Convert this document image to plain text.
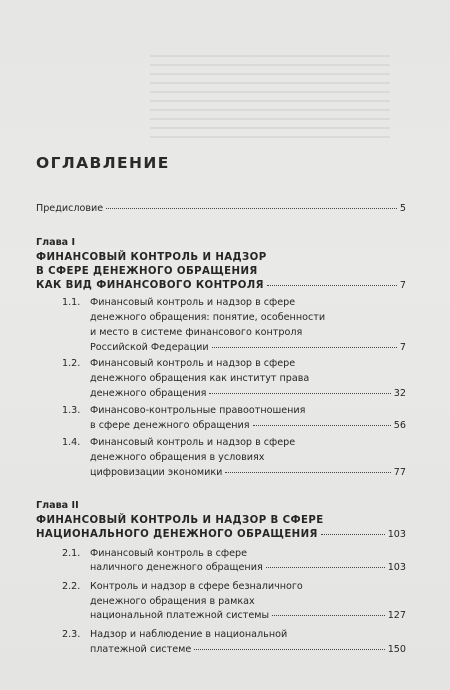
ОГЛАВЛЕНИЕ
Предисловие	5
Глава I
ФИНАНСОВЫЙ КОНТРОЛЬ И НАДЗОР
В СФЕРЕ ДЕНЕЖНОГО ОБРАЩЕНИЯ
КАК ВИД ФИНАНСОВОГО КОНТРОЛЯ	7
1.1. Финансовый контроль и надзор в сфере
денежного обращения: понятие, особенности
и место в системе финансового контроля
Российской Федерации	7
1.2. Финансовый контроль и надзор в сфере
денежного обращения как институт права
денежного обращения	32
1.3. Финансово-контрольные правоотношения
в сфере денежного обращения	56
1.4. Финансовый контроль и надзор в сфере
денежного обращения в условиях
цифровизации экономики	77
Глава II
ФИНАНСОВЫЙ КОНТРОЛЬ И НАДЗОР В СФЕРЕ
НАЦИОНАЛЬНОГО ДЕНЕЖНОГО ОБРАЩЕНИЯ	103
2.1. Финансовый контроль в сфере
наличного денежного обращения	103
2.2. Контроль и надзор в сфере безналичного
денежного обращения в рамках
национальной платежной системы	127
2.3. Надзор и наблюдение в национальной
платежной системе	150
